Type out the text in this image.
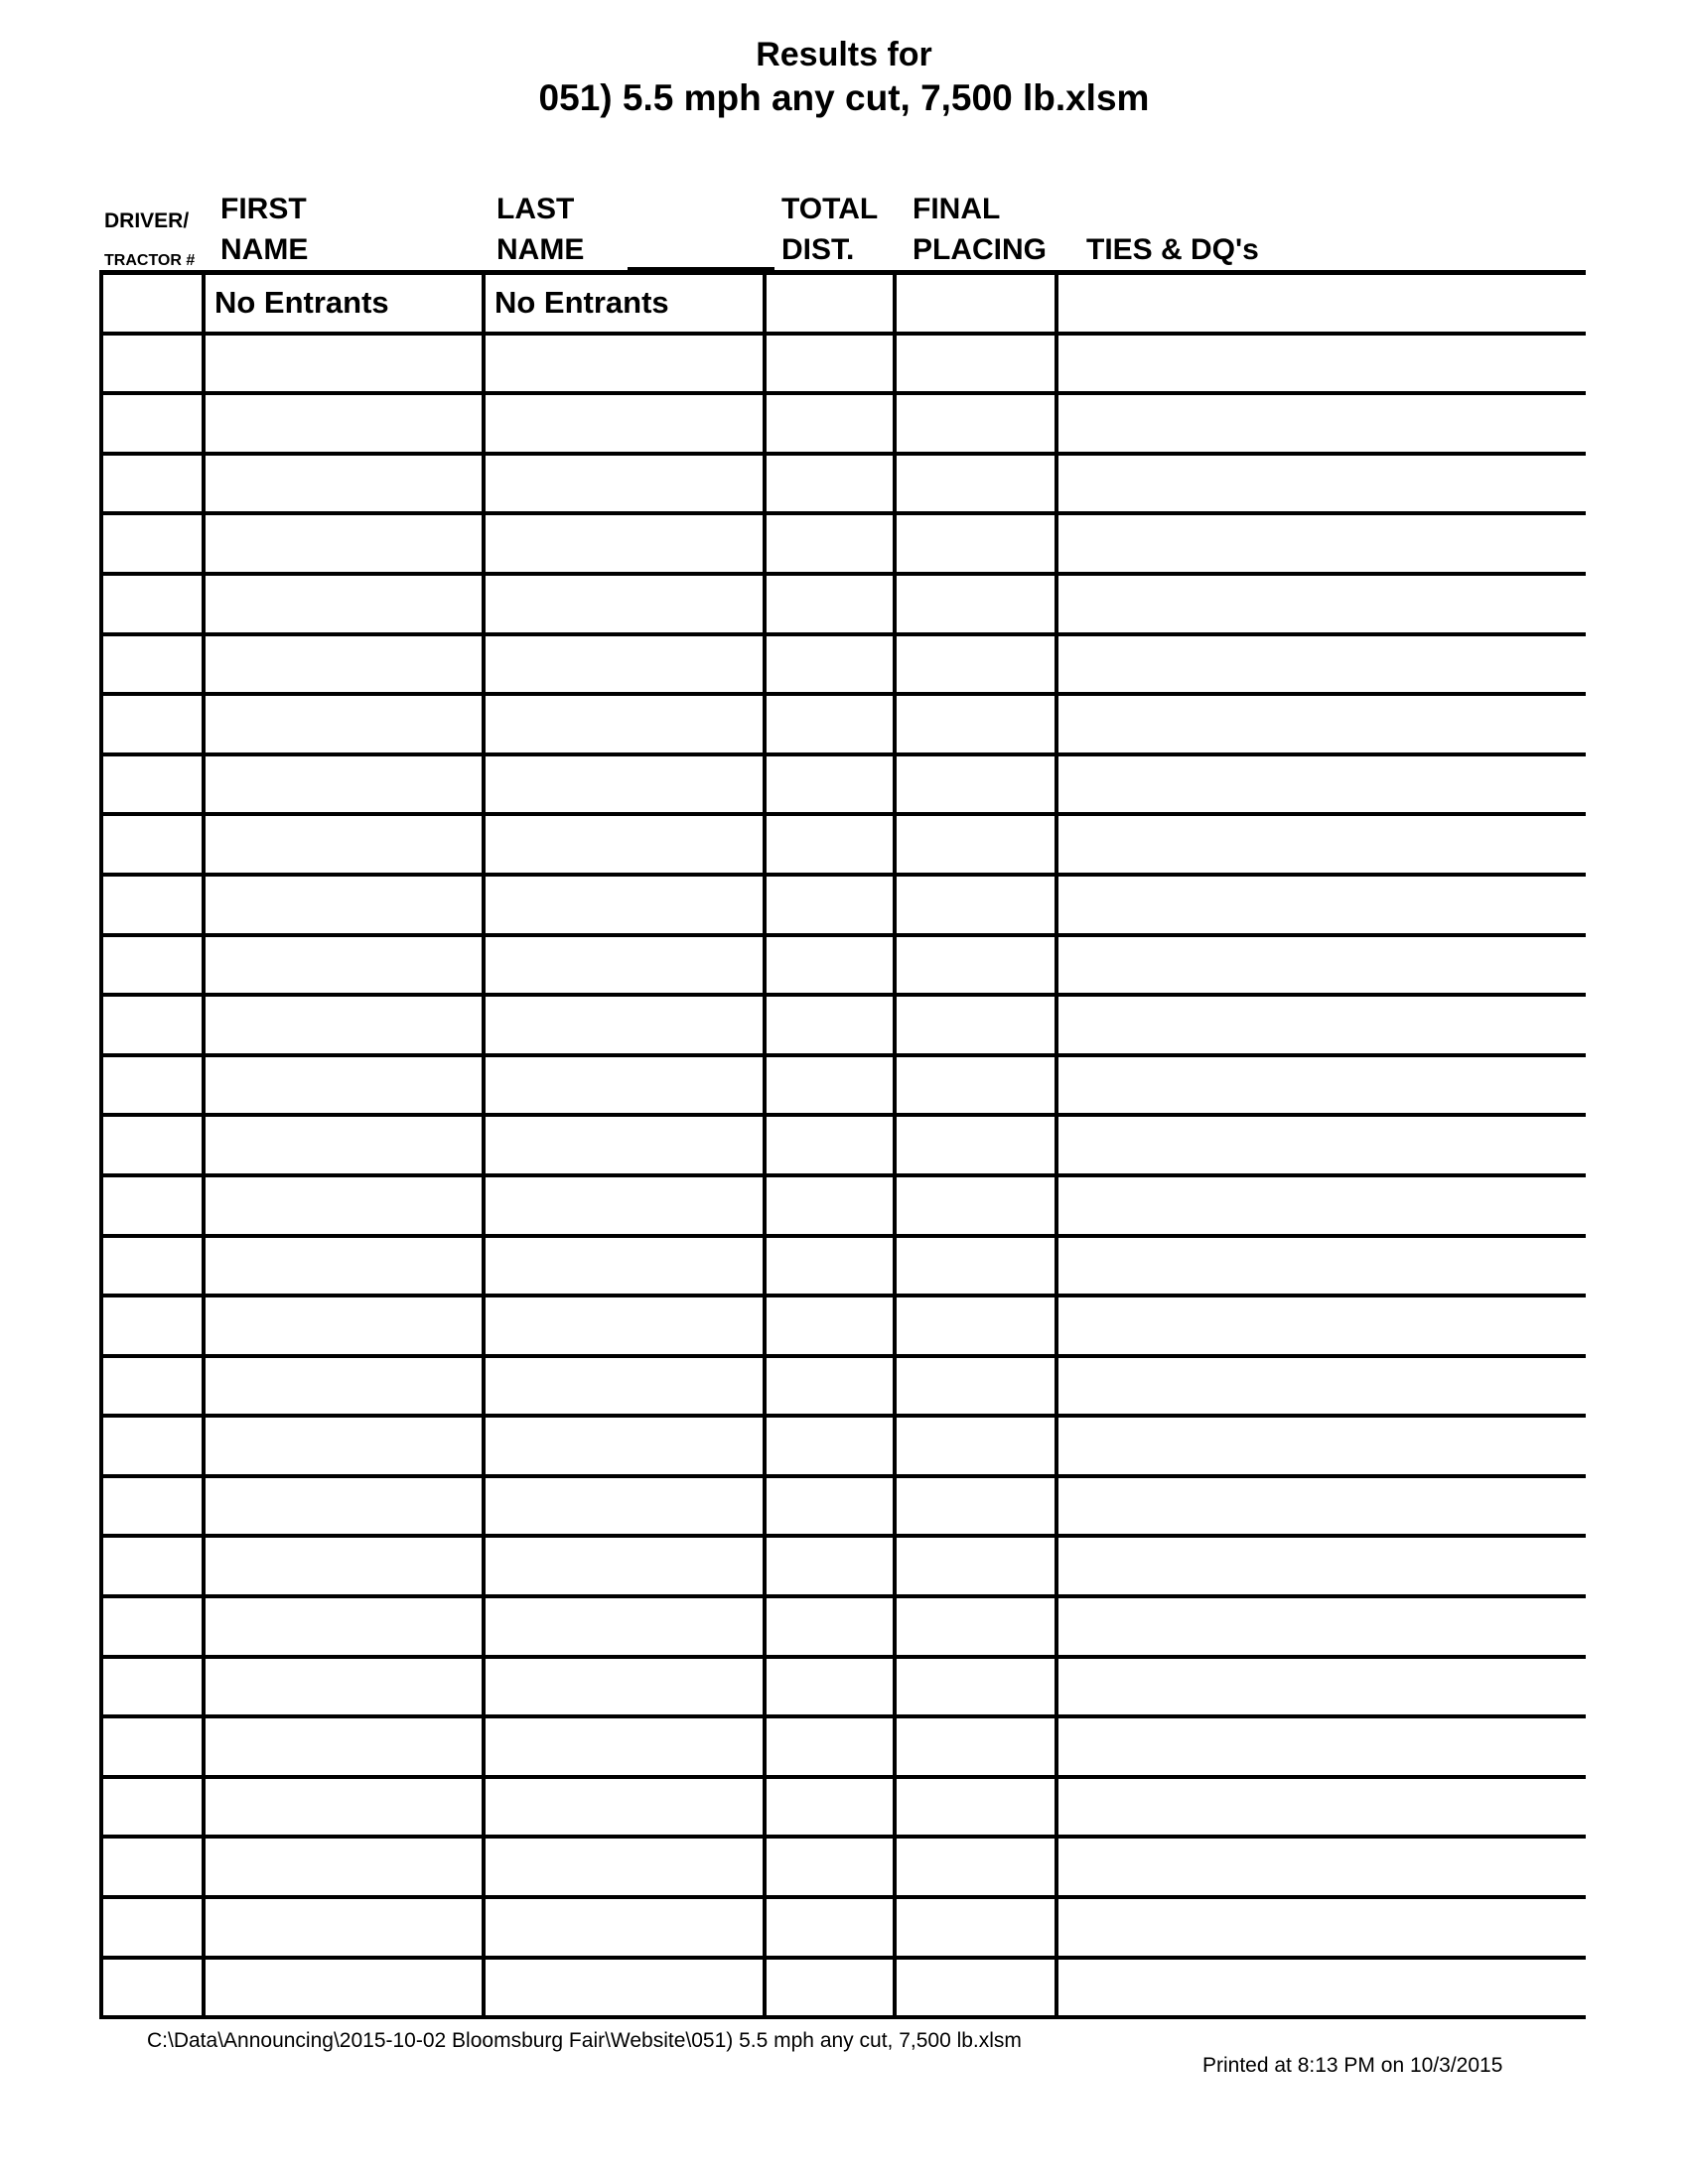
Results for
051) 5.5 mph any cut, 7,500 lb.xlsm
DRIVER/
TRACTOR #
FIRST
NAME
LAST
NAME
TOTAL
DIST.
FINAL
PLACING TIES & DQ's
No Entrants	No Entrants
C:\Data\Announcing\2015-10-02 Bloomsburg Fair\Website\051) 5.5 mph any cut, 7,500 lb.xlsm
Printed at 8:13 PM on 10/3/2015
